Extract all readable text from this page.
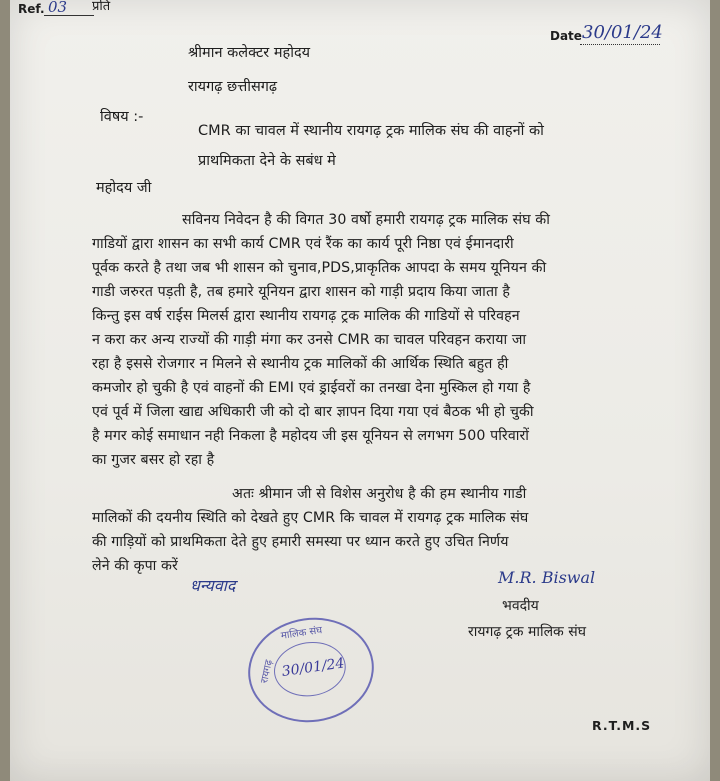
Ref. 03 प्रति
Date 30/01/24
श्रीमान कलेक्टर महोदय
रायगढ़ छत्तीसगढ़
विषय :-
CMR का चावल में स्थानीय रायगढ़ ट्रक मालिक संघ की वाहनों को
प्राथमिकता देने के सबंध मे
महोदय जी
सविनय निवेदन है की विगत 30 वर्षो हमारी रायगढ़ ट्रक मालिक संघ की
गाडियों द्वारा शासन का सभी कार्य CMR एवं रैंक का कार्य पूरी निष्ठा एवं ईमानदारी
पूर्वक करते है तथा जब भी शासन को चुनाव,PDS,प्राकृतिक आपदा के समय यूनियन की
गाडी जरुरत पड़ती है, तब हमारे यूनियन द्वारा शासन को गाड़ी प्रदाय किया जाता है
किन्तु इस वर्ष राईस मिलर्स द्वारा स्थानीय रायगढ़ ट्रक मालिक की गाडियों से परिवहन
न करा कर अन्य राज्यों की गाड़ी मंगा कर उनसे CMR का चावल परिवहन कराया जा
रहा है इससे रोजगार न मिलने से स्थानीय ट्रक मालिकों की आर्थिक स्थिति बहुत ही
कमजोर हो चुकी है एवं वाहनों की EMI एवं ड्राईवरों का तनखा देना मुस्किल हो गया है
एवं पूर्व में जिला खाद्य अधिकारी जी को दो बार ज्ञापन दिया गया एवं बैठक भी हो चुकी
है मगर कोई समाधान नही निकला है महोदय जी इस यूनियन से लगभग 500 परिवारों
का गुजर बसर हो रहा है
अतः श्रीमान जी से विशेस अनुरोध है की हम स्थानीय गाडी
मालिकों की दयनीय स्थिति को देखते हुए CMR कि चावल में रायगढ़ ट्रक मालिक संघ
की गाड़ियों को प्राथमिकता देते हुए हमारी समस्या पर ध्यान करते हुए उचित निर्णय
लेने की कृपा करें
धन्यवाद	M.R. Biswal
भवदीय
रायगढ़ ट्रक मालिक संघ
R.T.M.S
मालिक संघ
रायगढ़ 30/01/24
